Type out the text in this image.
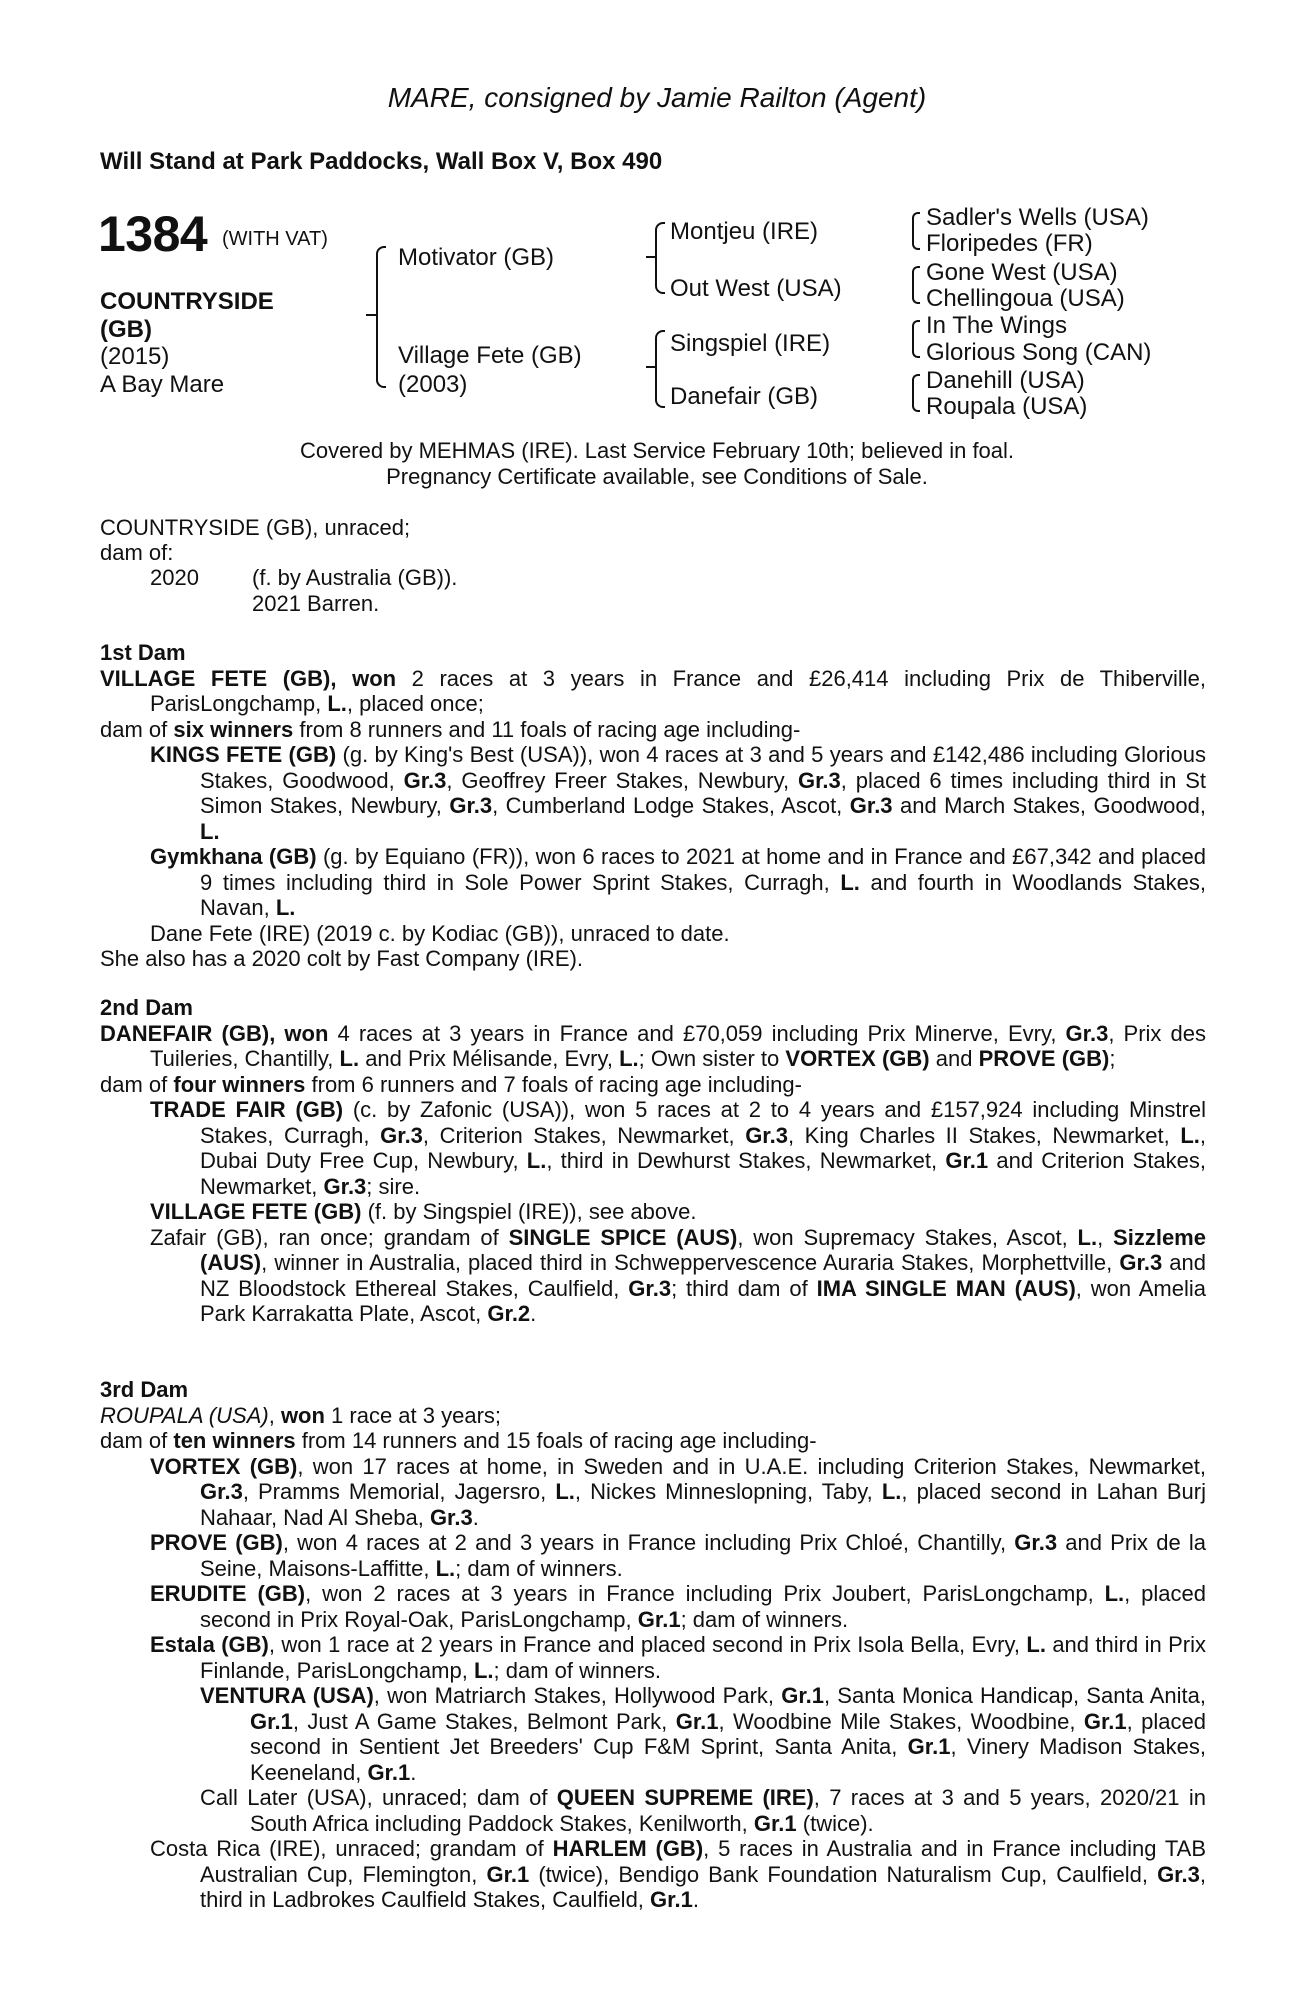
MARE, consigned by Jamie Railton (Agent)
Will Stand at Park Paddocks, Wall Box V, Box 490
1384 (WITH VAT)
COUNTRYSIDE
(GB)
(2015)
A Bay Mare
Motivator (GB)
Village Fete (GB)
(2003)
Montjeu (IRE)
Out West (USA)
Singspiel (IRE)
Danefair (GB)
Sadler's Wells (USA)
Floripedes (FR)
Gone West (USA)
Chellingoua (USA)
In The Wings
Glorious Song (CAN)
Danehill (USA)
Roupala (USA)
Covered by MEHMAS (IRE). Last Service February 10th; believed in foal.
Pregnancy Certificate available, see Conditions of Sale.
COUNTRYSIDE (GB), unraced;
dam of:
2020 (f. by Australia (GB)).
2021 Barren.

1st Dam

VILLAGE FETE (GB), won 2 races at 3 years in France and £26,414 including Prix de Thiberville, ParisLongchamp, L., placed once;

dam of six winners from 8 runners and 11 foals of racing age including-

KINGS FETE (GB) (g. by King's Best (USA)), won 4 races at 3 and 5 years and £142,486 including Glorious Stakes, Goodwood, Gr.3, Geoffrey Freer Stakes, Newbury, Gr.3, placed 6 times including third in St Simon Stakes, Newbury, Gr.3, Cumberland Lodge Stakes, Ascot, Gr.3 and March Stakes, Goodwood, L.

Gymkhana (GB) (g. by Equiano (FR)), won 6 races to 2021 at home and in France and £67,342 and placed 9 times including third in Sole Power Sprint Stakes, Curragh, L. and fourth in Woodlands Stakes, Navan, L.

Dane Fete (IRE) (2019 c. by Kodiac (GB)), unraced to date.

She also has a 2020 colt by Fast Company (IRE).

2nd Dam

DANEFAIR (GB), won 4 races at 3 years in France and £70,059 including Prix Minerve, Evry, Gr.3, Prix des Tuileries, Chantilly, L. and Prix Mélisande, Evry, L.; Own sister to VORTEX (GB) and PROVE (GB);

dam of four winners from 6 runners and 7 foals of racing age including-

TRADE FAIR (GB) (c. by Zafonic (USA)), won 5 races at 2 to 4 years and £157,924 including Minstrel Stakes, Curragh, Gr.3, Criterion Stakes, Newmarket, Gr.3, King Charles II Stakes, Newmarket, L., Dubai Duty Free Cup, Newbury, L., third in Dewhurst Stakes, Newmarket, Gr.1 and Criterion Stakes, Newmarket, Gr.3; sire.

VILLAGE FETE (GB) (f. by Singspiel (IRE)), see above.

Zafair (GB), ran once; grandam of SINGLE SPICE (AUS), won Supremacy Stakes, Ascot, L., Sizzleme (AUS), winner in Australia, placed third in Schweppervescence Auraria Stakes, Morphettville, Gr.3 and NZ Bloodstock Ethereal Stakes, Caulfield, Gr.3; third dam of IMA SINGLE MAN (AUS), won Amelia Park Karrakatta Plate, Ascot, Gr.2.

3rd Dam

ROUPALA (USA), won 1 race at 3 years;

dam of ten winners from 14 runners and 15 foals of racing age including-

VORTEX (GB), won 17 races at home, in Sweden and in U.A.E. including Criterion Stakes, Newmarket, Gr.3, Pramms Memorial, Jagersro, L., Nickes Minneslopning, Taby, L., placed second in Lahan Burj Nahaar, Nad Al Sheba, Gr.3.

PROVE (GB), won 4 races at 2 and 3 years in France including Prix Chloé, Chantilly, Gr.3 and Prix de la Seine, Maisons-Laffitte, L.; dam of winners.

ERUDITE (GB), won 2 races at 3 years in France including Prix Joubert, ParisLongchamp, L., placed second in Prix Royal-Oak, ParisLongchamp, Gr.1; dam of winners.

Estala (GB), won 1 race at 2 years in France and placed second in Prix Isola Bella, Evry, L. and third in Prix Finlande, ParisLongchamp, L.; dam of winners.

VENTURA (USA), won Matriarch Stakes, Hollywood Park, Gr.1, Santa Monica Handicap, Santa Anita, Gr.1, Just A Game Stakes, Belmont Park, Gr.1, Woodbine Mile Stakes, Woodbine, Gr.1, placed second in Sentient Jet Breeders' Cup F&M Sprint, Santa Anita, Gr.1, Vinery Madison Stakes, Keeneland, Gr.1.

Call Later (USA), unraced; dam of QUEEN SUPREME (IRE), 7 races at 3 and 5 years, 2020/21 in South Africa including Paddock Stakes, Kenilworth, Gr.1 (twice).

Costa Rica (IRE), unraced; grandam of HARLEM (GB), 5 races in Australia and in France including TAB Australian Cup, Flemington, Gr.1 (twice), Bendigo Bank Foundation Naturalism Cup, Caulfield, Gr.3, third in Ladbrokes Caulfield Stakes, Caulfield, Gr.1.
